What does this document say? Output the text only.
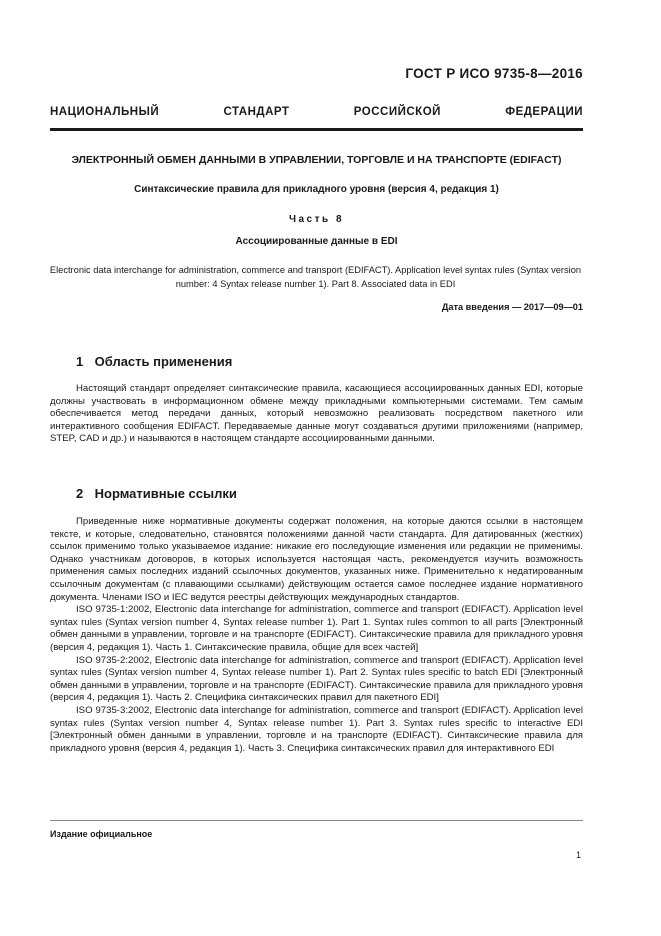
ГОСТ Р ИСО 9735-8—2016
НАЦИОНАЛЬНЫЙ СТАНДАРТ РОССИЙСКОЙ ФЕДЕРАЦИИ
ЭЛЕКТРОННЫЙ ОБМЕН ДАННЫМИ В УПРАВЛЕНИИ, ТОРГОВЛЕ И НА ТРАНСПОРТЕ (EDIFACT)
Синтаксические правила для прикладного уровня (версия 4, редакция 1)
Часть 8
Ассоциированные данные в EDI
Electronic data interchange for administration, commerce and transport (EDIFACT). Application level syntax rules (Syntax version number: 4 Syntax release number 1). Part 8. Associated data in EDI
Дата введения — 2017—09—01
1 Область применения

Настоящий стандарт определяет синтаксические правила, касающиеся ассоциированных данных EDI, которые должны участвовать в информационном обмене между прикладными компьютерными системами. Тем самым обеспечивается метод передачи данных, который невозможно реализовать посредством пакетного или интерактивного сообщения EDIFACT. Передаваемые данные могут создаваться другими приложениями (например, STEP, CAD и др.) и называются в настоящем стандарте ассоциированными данными.

2 Нормативные ссылки

Приведенные ниже нормативные документы содержат положения, на которые даются ссылки в настоящем тексте, и которые, следовательно, становятся положениями данной части стандарта. Для датированных (жестких) ссылок применимо только указываемое издание: никакие его последующие изменения или редакции не применимы. Однако участникам договоров, в которых используется настоящая часть, рекомендуется изучить возможность применения самых последних изданий ссылочных документов, указанных ниже. Применительно к недатированным ссылочным документам (с плавающими ссылками) действующим остается самое последнее издание нормативного документа. Членами ISO и IEC ведутся реестры действующих международных стандартов.

ISO 9735-1:2002, Electronic data interchange for administration, commerce and transport (EDIFACT). Application level syntax rules (Syntax version number 4, Syntax release number 1). Part 1. Syntax rules common to all parts [Электронный обмен данными в управлении, торговле и на транспорте (EDIFACT). Синтаксические правила для прикладного уровня (версия 4, редакция 1). Часть 1. Синтаксические правила, общие для всех частей]

ISO 9735-2:2002, Electronic data interchange for administration, commerce and transport (EDIFACT). Application level syntax rules (Syntax version number 4, Syntax release number 1). Part 2. Syntax rules specific to batch EDI [Электронный обмен данными в управлении, торговле и на транспорте (EDIFACT). Синтаксические правила для прикладного уровня (версия 4, редакция 1). Часть 2. Спецификa синтаксических правил для пакетного EDI]

ISO 9735-3:2002, Electronic data interchange for administration, commerce and transport (EDIFACT). Application level syntax rules (Syntax version number 4, Syntax release number 1). Part 3. Syntax rules specific to interactive EDI [Электронный обмен данными в управлении, торговле и на транспорте (EDIFACT). Синтаксические правила для прикладного уровня (версия 4, редакция 1). Часть 3. Спецификa синтаксических правил для интерактивного EDI

Издание официальное
1
